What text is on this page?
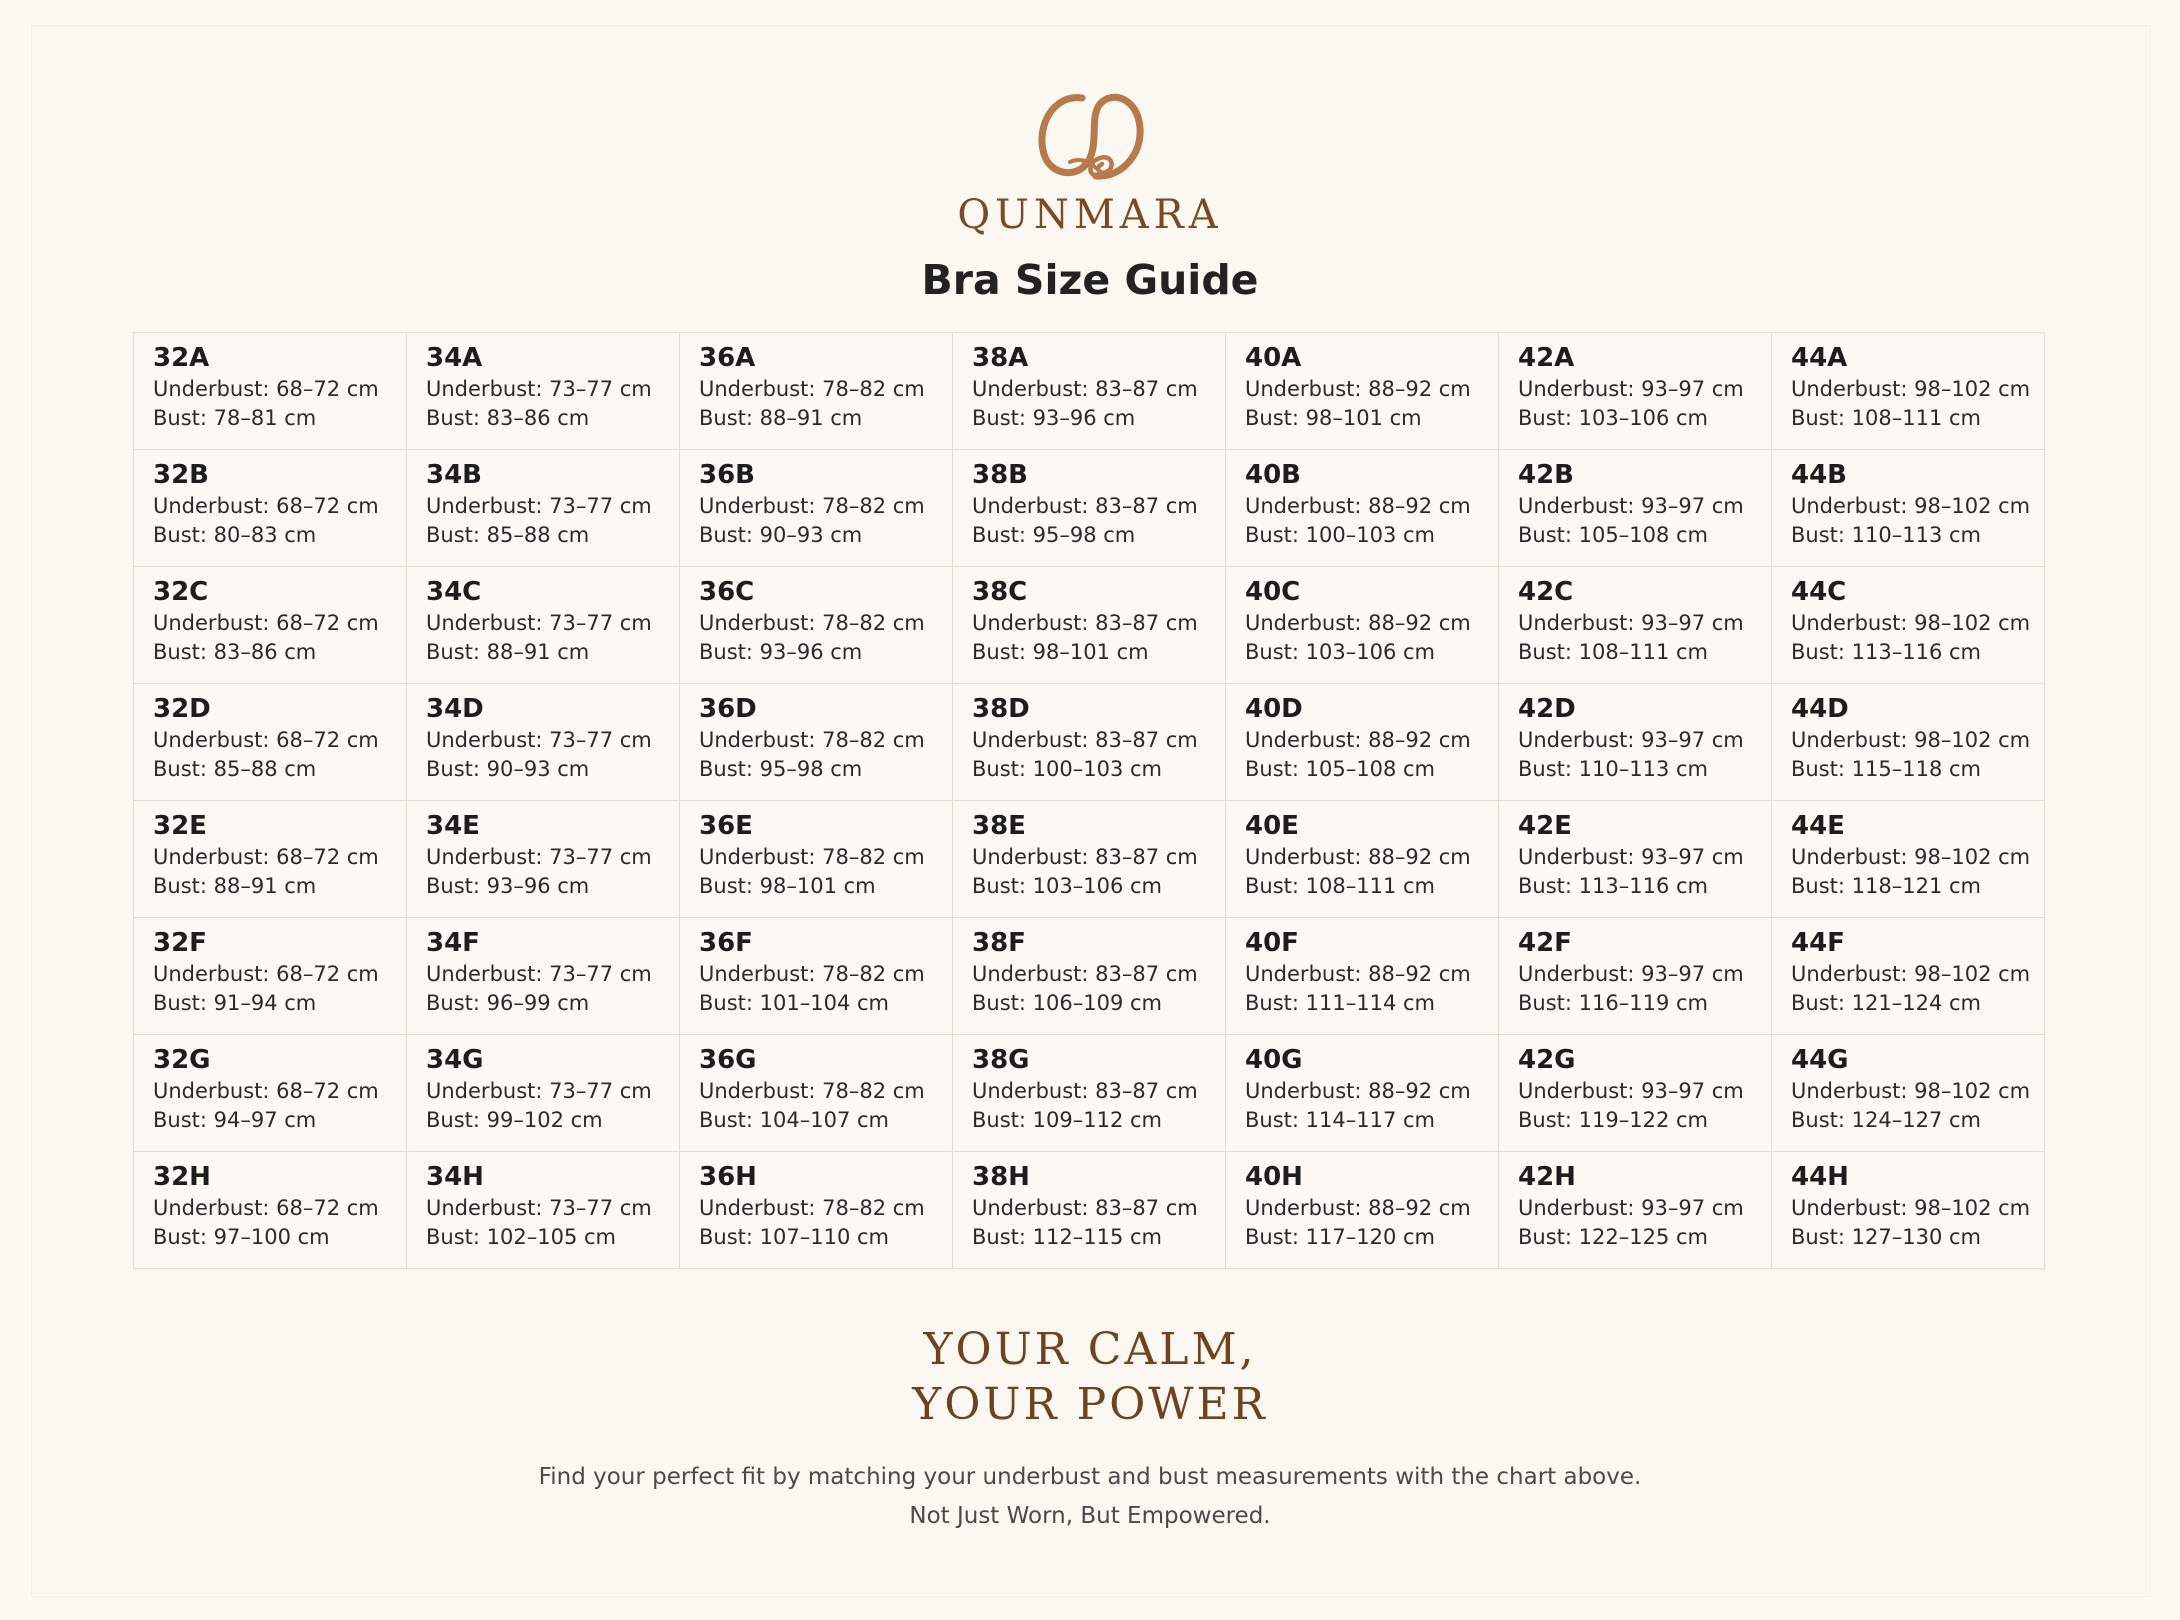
QUNMARA
Bra Size Guide
32A
Underbust: 68–72 cm
Bust: 78–81 cm
34A
Underbust: 73–77 cm
Bust: 83–86 cm
36A
Underbust: 78–82 cm
Bust: 88–91 cm
38A
Underbust: 83–87 cm
Bust: 93–96 cm
40A
Underbust: 88–92 cm
Bust: 98–101 cm
42A
Underbust: 93–97 cm
Bust: 103–106 cm
44A
Underbust: 98–102 cm
Bust: 108–111 cm
32B
Underbust: 68–72 cm
Bust: 80–83 cm
34B
Underbust: 73–77 cm
Bust: 85–88 cm
36B
Underbust: 78–82 cm
Bust: 90–93 cm
38B
Underbust: 83–87 cm
Bust: 95–98 cm
40B
Underbust: 88–92 cm
Bust: 100–103 cm
42B
Underbust: 93–97 cm
Bust: 105–108 cm
44B
Underbust: 98–102 cm
Bust: 110–113 cm
32C
Underbust: 68–72 cm
Bust: 83–86 cm
34C
Underbust: 73–77 cm
Bust: 88–91 cm
36C
Underbust: 78–82 cm
Bust: 93–96 cm
38C
Underbust: 83–87 cm
Bust: 98–101 cm
40C
Underbust: 88–92 cm
Bust: 103–106 cm
42C
Underbust: 93–97 cm
Bust: 108–111 cm
44C
Underbust: 98–102 cm
Bust: 113–116 cm
32D
Underbust: 68–72 cm
Bust: 85–88 cm
34D
Underbust: 73–77 cm
Bust: 90–93 cm
36D
Underbust: 78–82 cm
Bust: 95–98 cm
38D
Underbust: 83–87 cm
Bust: 100–103 cm
40D
Underbust: 88–92 cm
Bust: 105–108 cm
42D
Underbust: 93–97 cm
Bust: 110–113 cm
44D
Underbust: 98–102 cm
Bust: 115–118 cm
32E
Underbust: 68–72 cm
Bust: 88–91 cm
34E
Underbust: 73–77 cm
Bust: 93–96 cm
36E
Underbust: 78–82 cm
Bust: 98–101 cm
38E
Underbust: 83–87 cm
Bust: 103–106 cm
40E
Underbust: 88–92 cm
Bust: 108–111 cm
42E
Underbust: 93–97 cm
Bust: 113–116 cm
44E
Underbust: 98–102 cm
Bust: 118–121 cm
32F
Underbust: 68–72 cm
Bust: 91–94 cm
34F
Underbust: 73–77 cm
Bust: 96–99 cm
36F
Underbust: 78–82 cm
Bust: 101–104 cm
38F
Underbust: 83–87 cm
Bust: 106–109 cm
40F
Underbust: 88–92 cm
Bust: 111–114 cm
42F
Underbust: 93–97 cm
Bust: 116–119 cm
44F
Underbust: 98–102 cm
Bust: 121–124 cm
32G
Underbust: 68–72 cm
Bust: 94–97 cm
34G
Underbust: 73–77 cm
Bust: 99–102 cm
36G
Underbust: 78–82 cm
Bust: 104–107 cm
38G
Underbust: 83–87 cm
Bust: 109–112 cm
40G
Underbust: 88–92 cm
Bust: 114–117 cm
42G
Underbust: 93–97 cm
Bust: 119–122 cm
44G
Underbust: 98–102 cm
Bust: 124–127 cm
32H
Underbust: 68–72 cm
Bust: 97–100 cm
34H
Underbust: 73–77 cm
Bust: 102–105 cm
36H
Underbust: 78–82 cm
Bust: 107–110 cm
38H
Underbust: 83–87 cm
Bust: 112–115 cm
40H
Underbust: 88–92 cm
Bust: 117–120 cm
42H
Underbust: 93–97 cm
Bust: 122–125 cm
44H
Underbust: 98–102 cm
Bust: 127–130 cm
YOUR CALM,
YOUR POWER
Find your perfect fit by matching your underbust and bust measurements with the chart above.
Not Just Worn, But Empowered.
